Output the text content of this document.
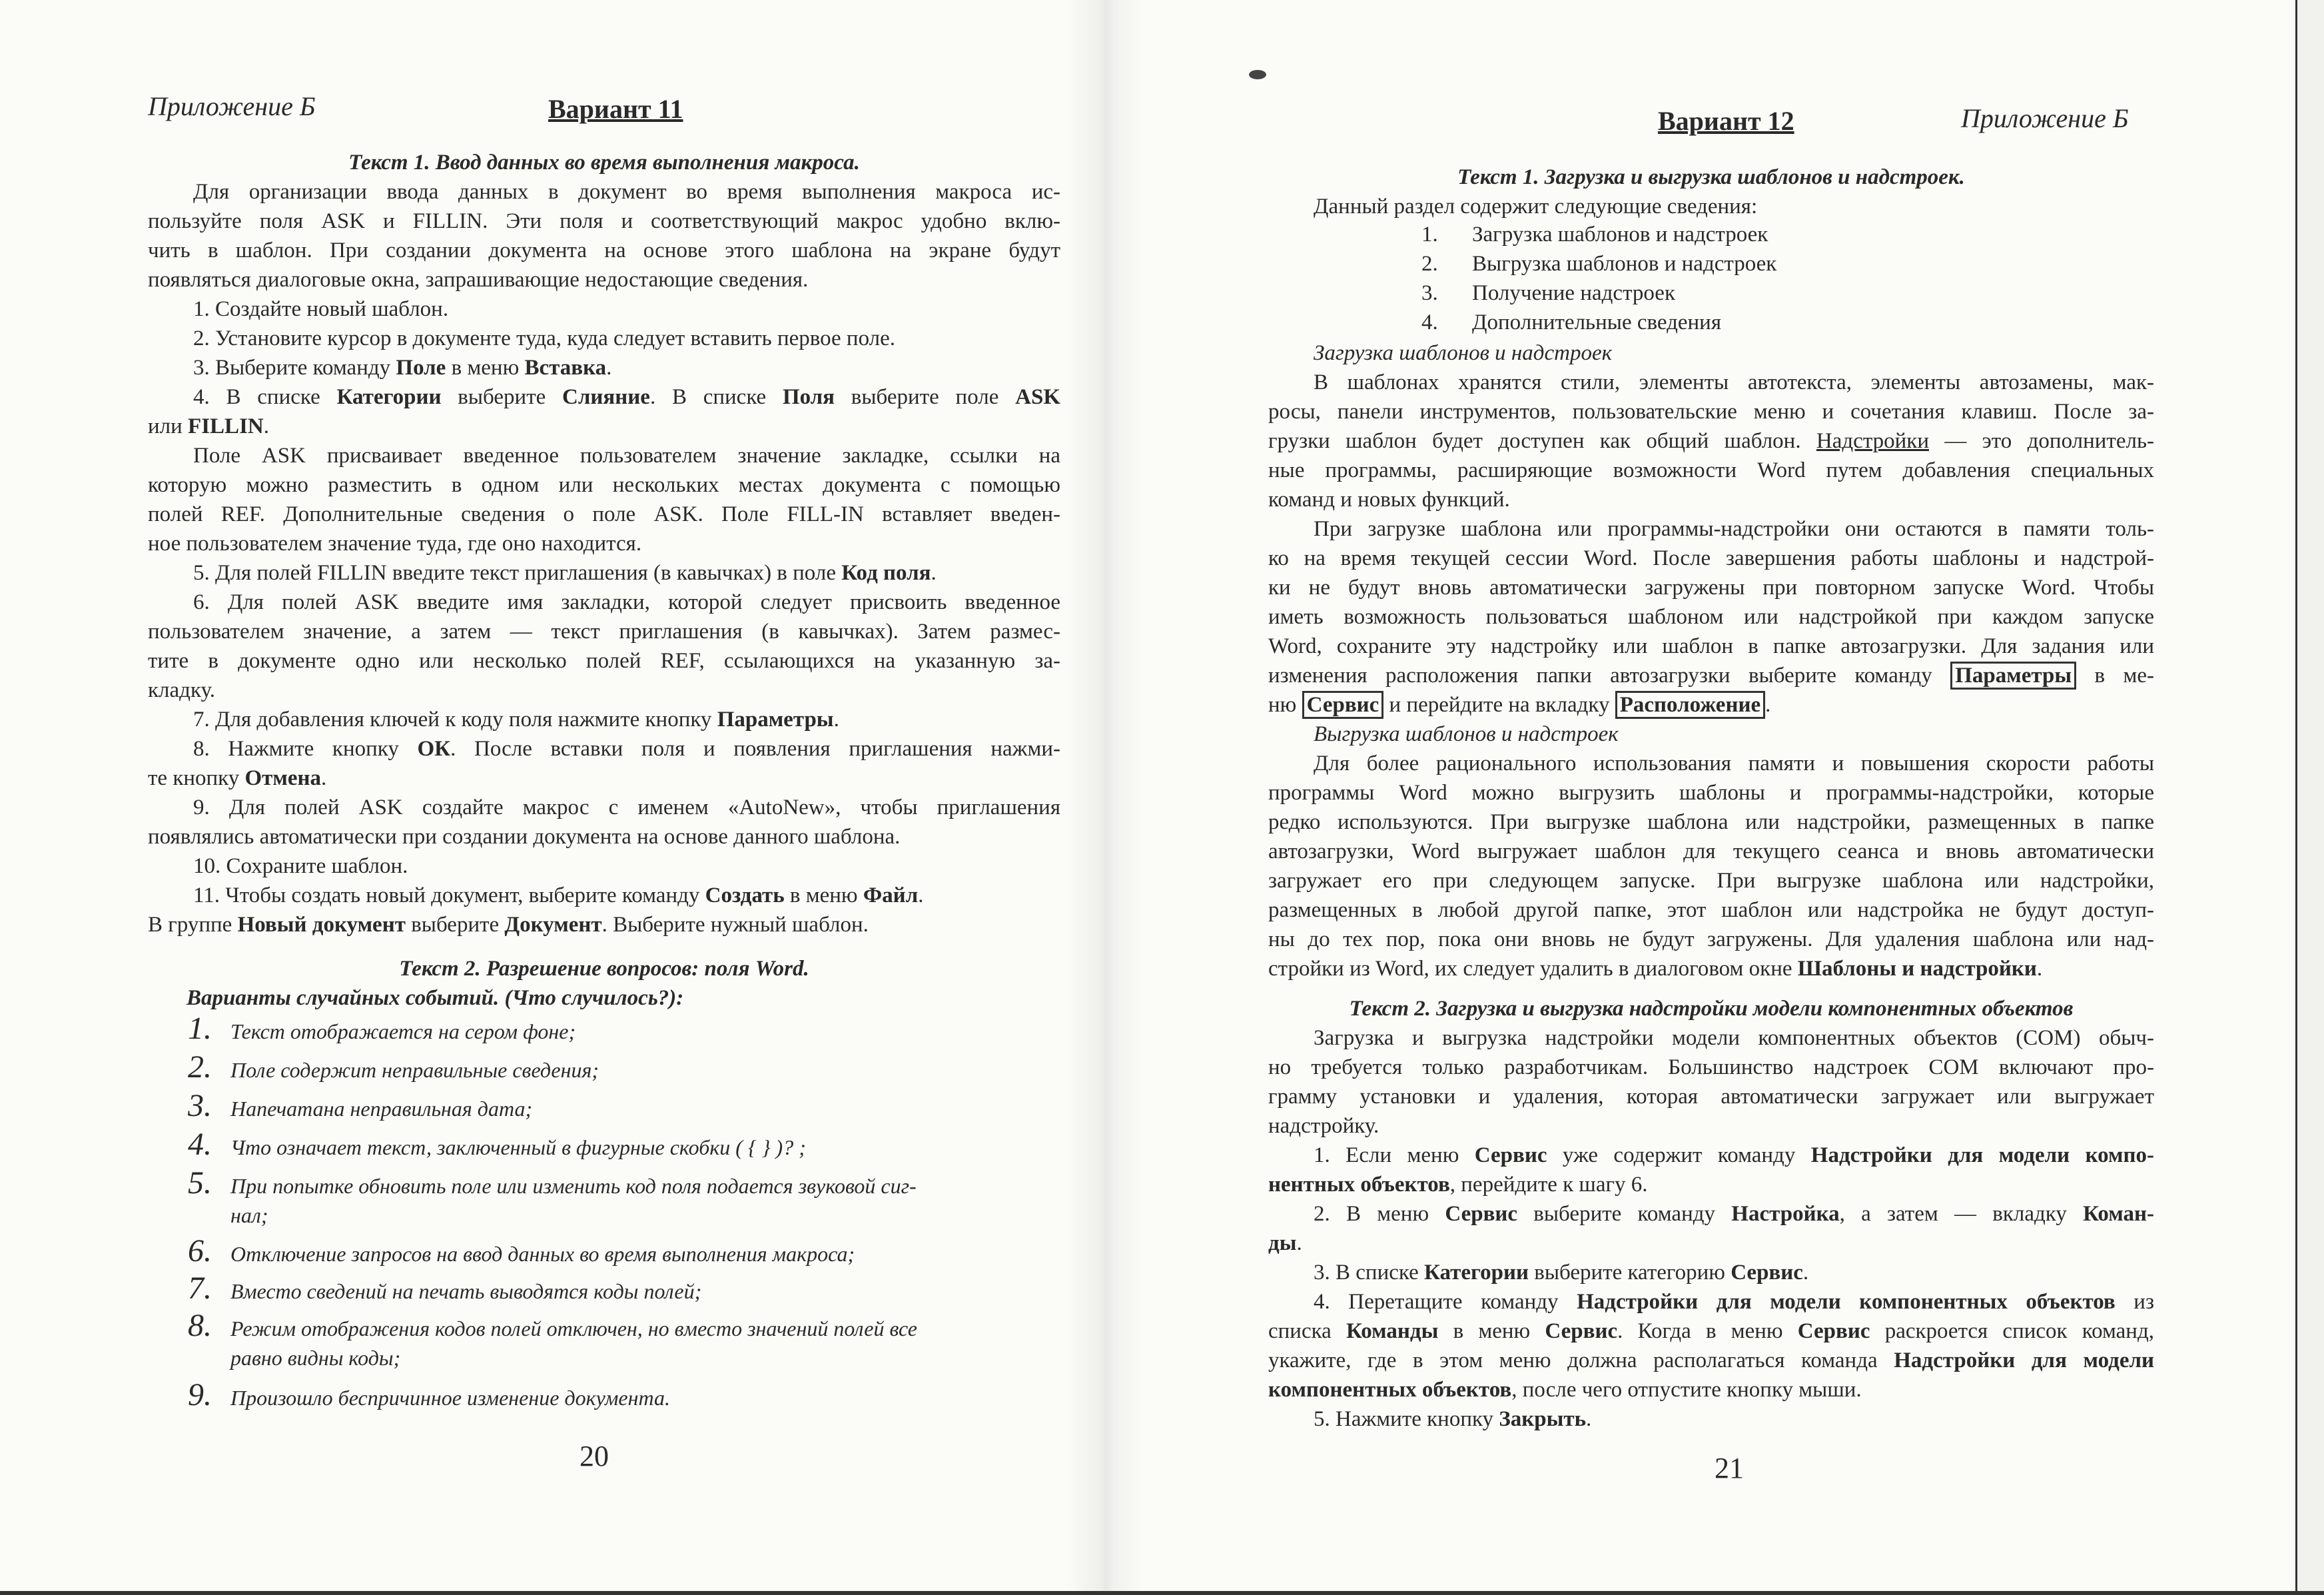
Приложение Б	Вариант 11
Текст 1. Ввод данных во время выполнения макроса.
Для организации ввода данных в документ во время выполнения макроса ис-
пользуйте поля ASK и FILLIN. Эти поля и соответствующий макрос удобно вклю-
чить в шаблон. При создании документа на основе этого шаблона на экране будут
появляться диалоговые окна, запрашивающие недостающие сведения.
1. Создайте новый шаблон.
2. Установите курсор в документе туда, куда следует вставить первое поле.
3. Выберите команду Поле в меню Вставка.
4. В списке Категории выберите Слияние. В списке Поля выберите поле ASK
или FILLIN.
Поле ASK присваивает введенное пользователем значение закладке, ссылки на
которую можно разместить в одном или нескольких местах документа с помощью
полей REF. Дополнительные сведения о поле ASK. Поле FILL-IN вставляет введен-
ное пользователем значение туда, где оно находится.
5. Для полей FILLIN введите текст приглашения (в кавычках) в поле Код поля.
6. Для полей ASK введите имя закладки, которой следует присвоить введенное
пользователем значение, а затем — текст приглашения (в кавычках). Затем размес-
тите в документе одно или несколько полей REF, ссылающихся на указанную за-
кладку.
7. Для добавления ключей к коду поля нажмите кнопку Параметры.
8. Нажмите кнопку ОК. После вставки поля и появления приглашения нажми-
те кнопку Отмена.
9. Для полей ASK создайте макрос с именем «AutoNew», чтобы приглашения
появлялись автоматически при создании документа на основе данного шаблона.
10. Сохраните шаблон.
11. Чтобы создать новый документ, выберите команду Создать в меню Файл.
В группе Новый документ выберите Документ. Выберите нужный шаблон.
Текст 2. Разрешение вопросов: поля Word.
Варианты случайных событий. (Что случилось?):
1. Текст отображается на сером фоне;
2. Поле содержит неправильные сведения;
3. Напечатана неправильная дата;
4. Что означает текст, заключенный в фигурные скобки ( { } )? ;
5. При попытке обновить поле или изменить код поля подается звуковой сиг-
нал;
6. Отключение запросов на ввод данных во время выполнения макроса;
7. Вместо сведений на печать выводятся коды полей;
8. Режим отображения кодов полей отключен, но вместо значений полей все
равно видны коды;
9. Произошло беспричинное изменение документа.
20
Вариант 12	Приложение Б
Текст 1. Загрузка и выгрузка шаблонов и надстроек.
Данный раздел содержит следующие сведения:
1. Загрузка шаблонов и надстроек
2. Выгрузка шаблонов и надстроек
3. Получение надстроек
4. Дополнительные сведения
Загрузка шаблонов и надстроек
В шаблонах хранятся стили, элементы автотекста, элементы автозамены, мак-
росы, панели инструментов, пользовательские меню и сочетания клавиш. После за-
грузки шаблон будет доступен как общий шаблон. Надстройки — это дополнитель-
ные программы, расширяющие возможности Word путем добавления специальных
команд и новых функций.
При загрузке шаблона или программы-надстройки они остаются в памяти толь-
ко на время текущей сессии Word. После завершения работы шаблоны и надстрой-
ки не будут вновь автоматически загружены при повторном запуске Word. Чтобы
иметь возможность пользоваться шаблоном или надстройкой при каждом запуске
Word, сохраните эту надстройку или шаблон в папке автозагрузки. Для задания или
изменения расположения папки автозагрузки выберите команду Параметры в ме-
ню Сервис и перейдите на вкладку Расположение .
Выгрузка шаблонов и надстроек
Для более рационального использования памяти и повышения скорости работы
программы Word можно выгрузить шаблоны и программы-надстройки, которые
редко используются. При выгрузке шаблона или надстройки, размещенных в папке
автозагрузки, Word выгружает шаблон для текущего сеанса и вновь автоматически
загружает его при следующем запуске. При выгрузке шаблона или надстройки,
размещенных в любой другой папке, этот шаблон или надстройка не будут доступ-
ны до тех пор, пока они вновь не будут загружены. Для удаления шаблона или над-
стройки из Word, их следует удалить в диалоговом окне Шаблоны и надстройки.
Текст 2. Загрузка и выгрузка надстройки модели компонентных объектов
Загрузка и выгрузка надстройки модели компонентных объектов (COM) обыч-
но требуется только разработчикам. Большинство надстроек COM включают про-
грамму установки и удаления, которая автоматически загружает или выгружает
надстройку.
1. Если меню Сервис уже содержит команду Надстройки для модели компо-
нентных объектов, перейдите к шагу 6.
2. В меню Сервис выберите команду Настройка, а затем — вкладку Коман-
ды.
3. В списке Категории выберите категорию Сервис.
4. Перетащите команду Надстройки для модели компонентных объектов из
списка Команды в меню Сервис. Когда в меню Сервис раскроется список команд,
укажите, где в этом меню должна располагаться команда Надстройки для модели
компонентных объектов, после чего отпустите кнопку мыши.
5. Нажмите кнопку Закрыть.
21
